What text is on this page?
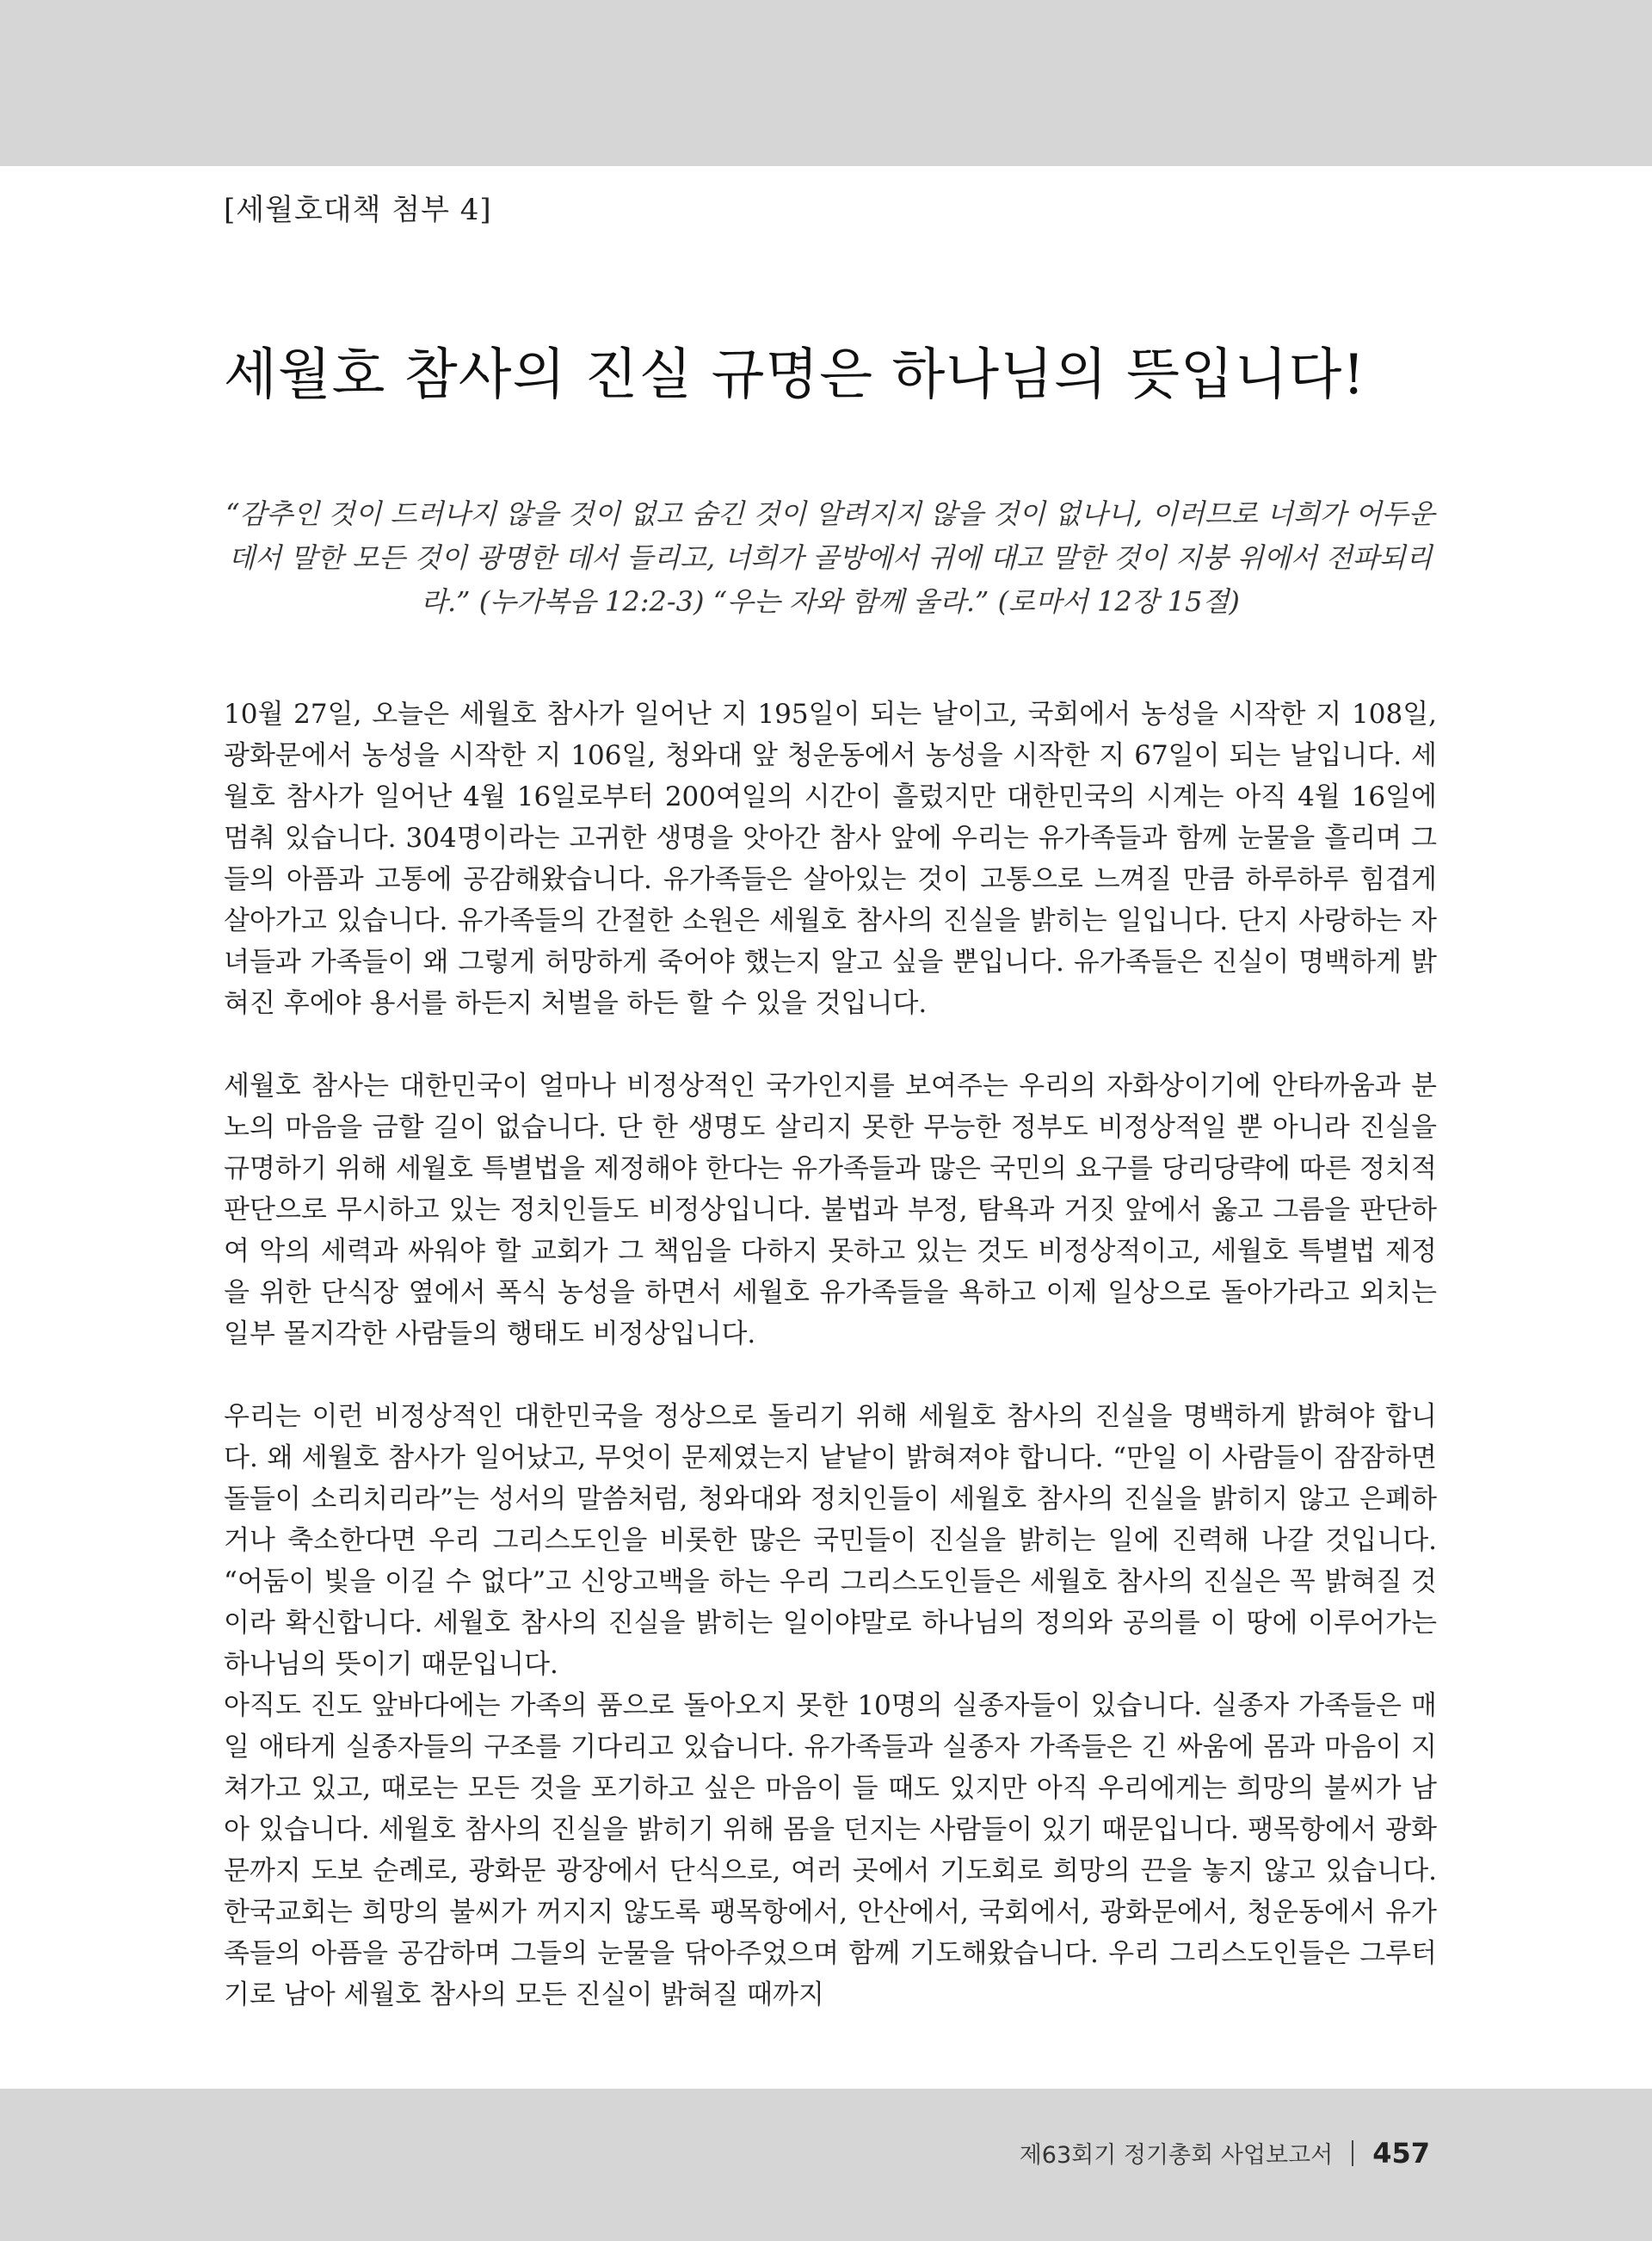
[세월호대책 첨부 4]
세월호 참사의 진실 규명은 하나님의 뜻입니다!
“감추인 것이 드러나지 않을 것이 없고 숨긴 것이 알려지지 않을 것이 없나니, 이러므로 너희가 어두운 데서 말한 모든 것이 광명한 데서 들리고, 너희가 골방에서 귀에 대고 말한 것이 지붕 위에서 전파되리라.” (누가복음 12:2-3) “우는 자와 함께 울라.” (로마서 12장 15절)

10월 27일, 오늘은 세월호 참사가 일어난 지 195일이 되는 날이고, 국회에서 농성을 시작한 지 108일, 광화문에서 농성을 시작한 지 106일, 청와대 앞 청운동에서 농성을 시작한 지 67일이 되는 날입니다. 세월호 참사가 일어난 4월 16일로부터 200여일의 시간이 흘렀지만 대한민국의 시계는 아직 4월 16일에 멈춰 있습니다. 304명이라는 고귀한 생명을 앗아간 참사 앞에 우리는 유가족들과 함께 눈물을 흘리며 그들의 아픔과 고통에 공감해왔습니다. 유가족들은 살아있는 것이 고통으로 느껴질 만큼 하루하루 힘겹게 살아가고 있습니다. 유가족들의 간절한 소원은 세월호 참사의 진실을 밝히는 일입니다. 단지 사랑하는 자녀들과 가족들이 왜 그렇게 허망하게 죽어야 했는지 알고 싶을 뿐입니다. 유가족들은 진실이 명백하게 밝혀진 후에야 용서를 하든지 처벌을 하든 할 수 있을 것입니다.

세월호 참사는 대한민국이 얼마나 비정상적인 국가인지를 보여주는 우리의 자화상이기에 안타까움과 분노의 마음을 금할 길이 없습니다. 단 한 생명도 살리지 못한 무능한 정부도 비정상적일 뿐 아니라 진실을 규명하기 위해 세월호 특별법을 제정해야 한다는 유가족들과 많은 국민의 요구를 당리당략에 따른 정치적 판단으로 무시하고 있는 정치인들도 비정상입니다. 불법과 부정, 탐욕과 거짓 앞에서 옳고 그름을 판단하여 악의 세력과 싸워야 할 교회가 그 책임을 다하지 못하고 있는 것도 비정상적이고, 세월호 특별법 제정을 위한 단식장 옆에서 폭식 농성을 하면서 세월호 유가족들을 욕하고 이제 일상으로 돌아가라고 외치는 일부 몰지각한 사람들의 행태도 비정상입니다.

우리는 이런 비정상적인 대한민국을 정상으로 돌리기 위해 세월호 참사의 진실을 명백하게 밝혀야 합니다. 왜 세월호 참사가 일어났고, 무엇이 문제였는지 낱낱이 밝혀져야 합니다. “만일 이 사람들이 잠잠하면 돌들이 소리치리라”는 성서의 말씀처럼, 청와대와 정치인들이 세월호 참사의 진실을 밝히지 않고 은폐하거나 축소한다면 우리 그리스도인을 비롯한 많은 국민들이 진실을 밝히는 일에 진력해 나갈 것입니다. “어둠이 빛을 이길 수 없다”고 신앙고백을 하는 우리 그리스도인들은 세월호 참사의 진실은 꼭 밝혀질 것이라 확신합니다. 세월호 참사의 진실을 밝히는 일이야말로 하나님의 정의와 공의를 이 땅에 이루어가는 하나님의 뜻이기 때문입니다.

아직도 진도 앞바다에는 가족의 품으로 돌아오지 못한 10명의 실종자들이 있습니다. 실종자 가족들은 매일 애타게 실종자들의 구조를 기다리고 있습니다. 유가족들과 실종자 가족들은 긴 싸움에 몸과 마음이 지쳐가고 있고, 때로는 모든 것을 포기하고 싶은 마음이 들 때도 있지만 아직 우리에게는 희망의 불씨가 남아 있습니다. 세월호 참사의 진실을 밝히기 위해 몸을 던지는 사람들이 있기 때문입니다. 팽목항에서 광화문까지 도보 순례로, 광화문 광장에서 단식으로, 여러 곳에서 기도회로 희망의 끈을 놓지 않고 있습니다. 한국교회는 희망의 불씨가 꺼지지 않도록 팽목항에서, 안산에서, 국회에서, 광화문에서, 청운동에서 유가족들의 아픔을 공감하며 그들의 눈물을 닦아주었으며 함께 기도해왔습니다. 우리 그리스도인들은 그루터기로 남아 세월호 참사의 모든 진실이 밝혀질 때까지

제63회기 정기총회 사업보고서 457
